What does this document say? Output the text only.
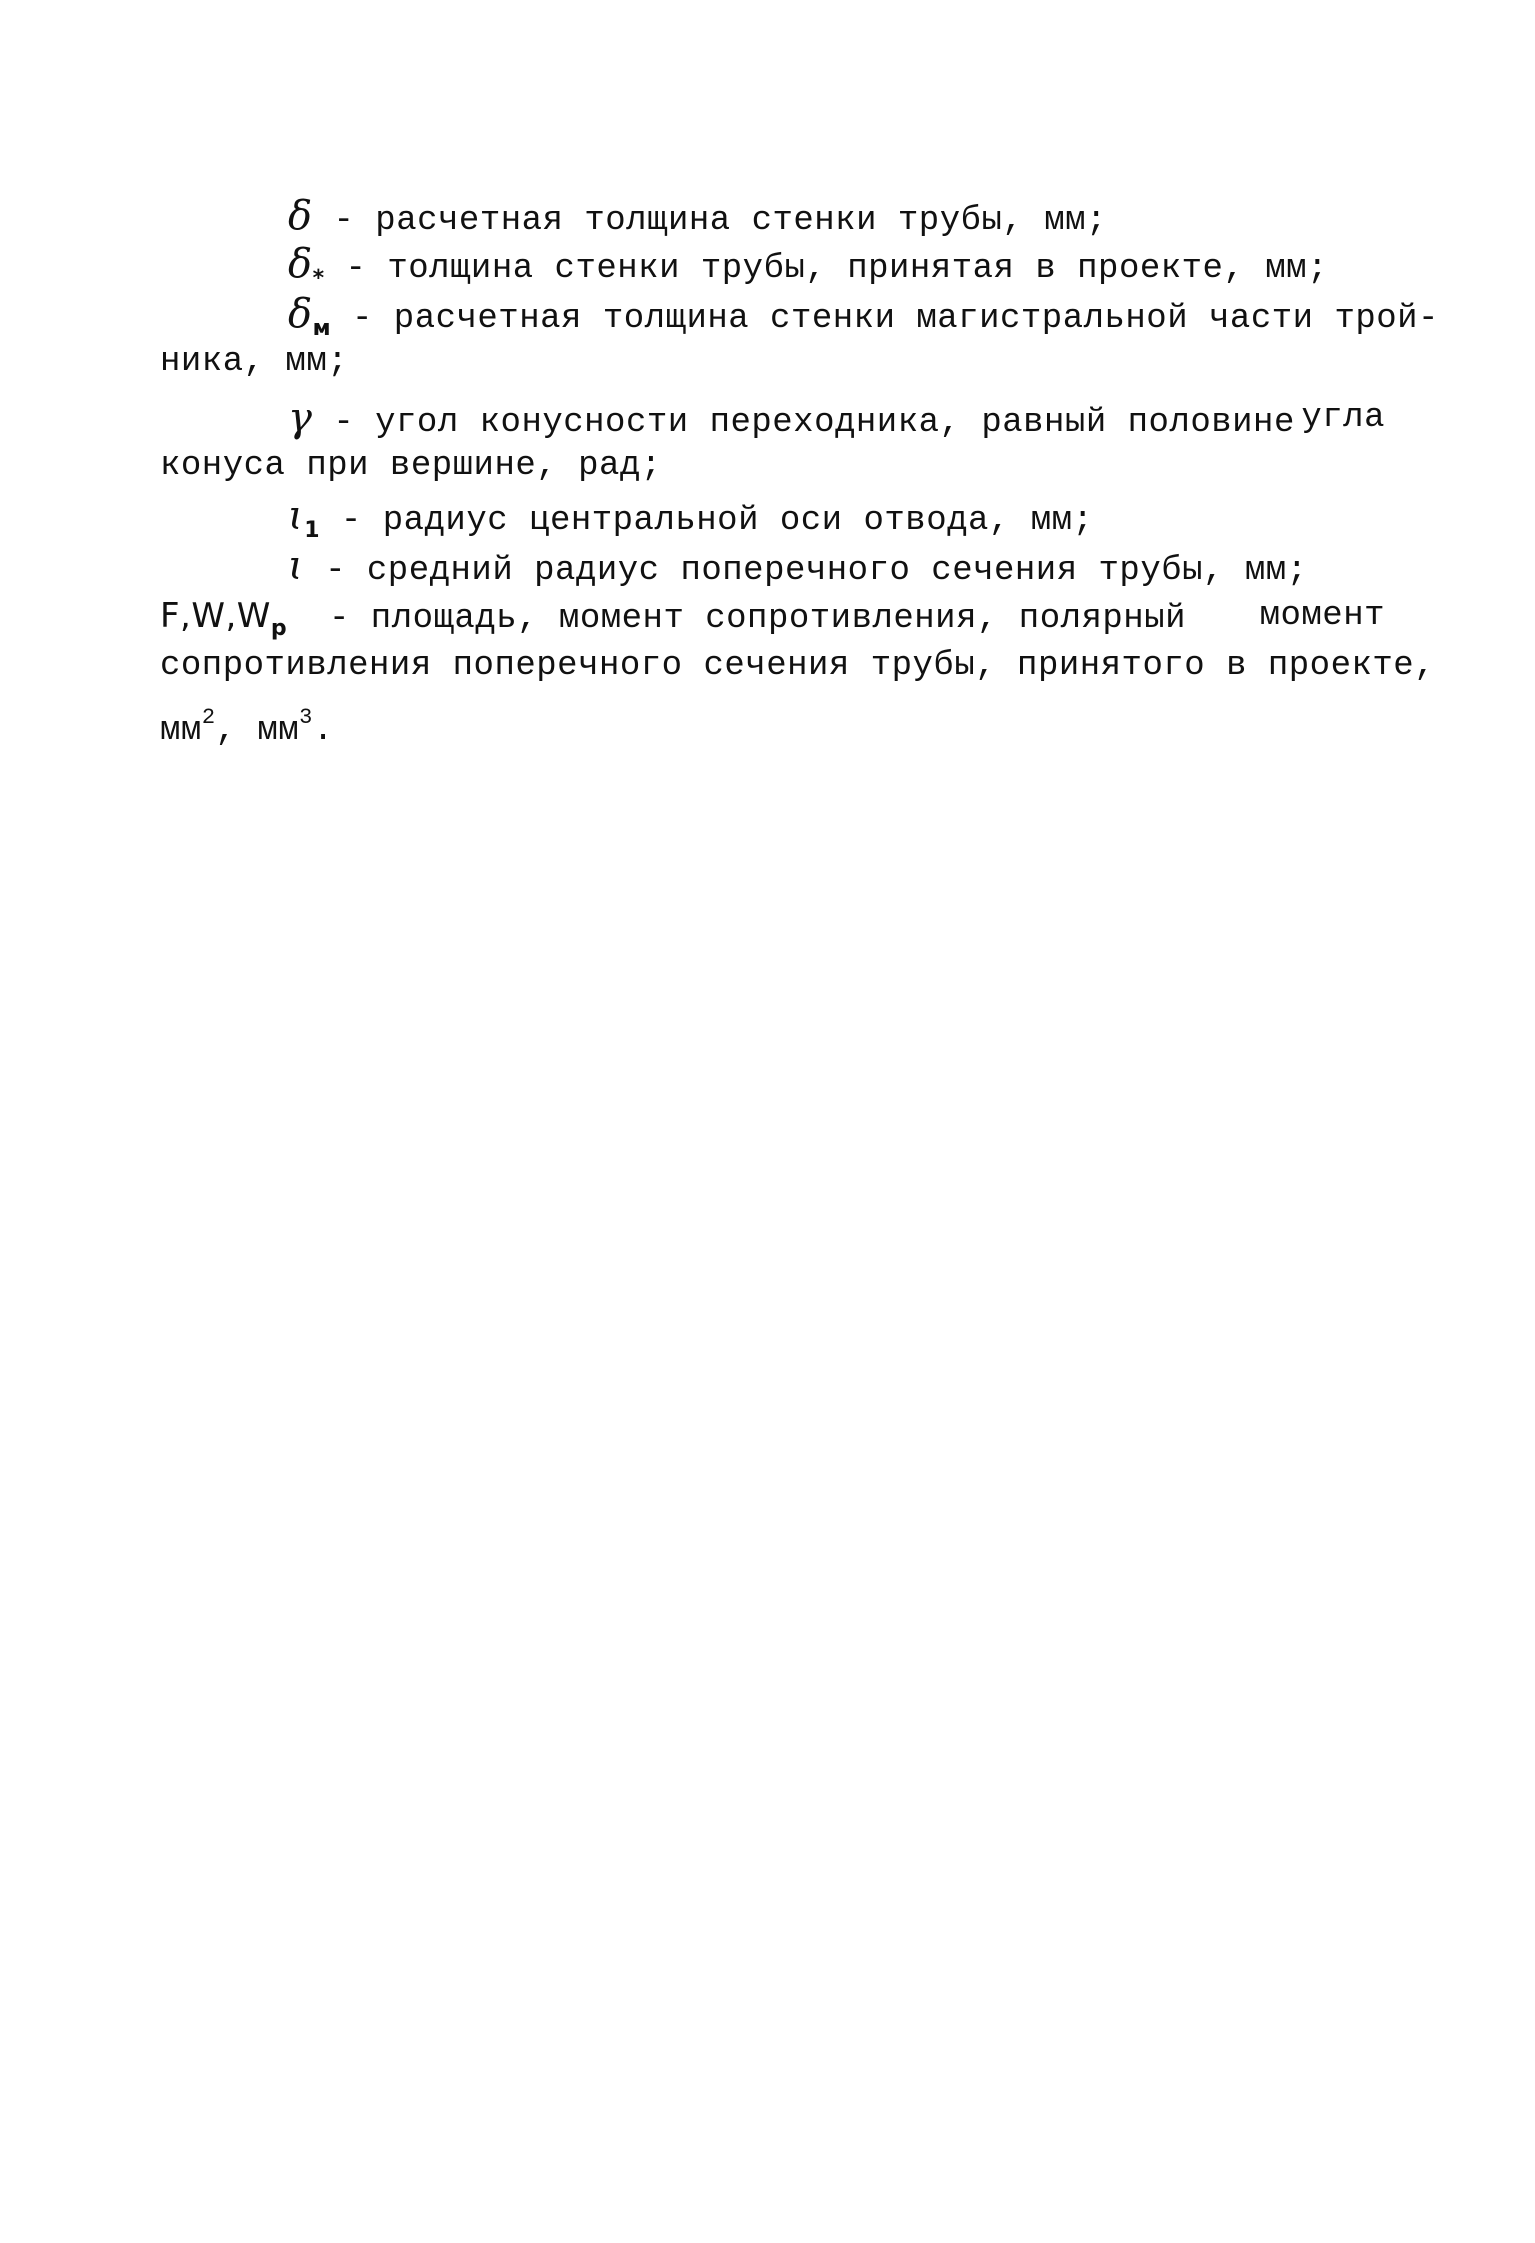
δ - расчетная толщина стенки трубы, мм;
$\delta_*$ - толщина стенки трубы, принятая в проекте, мм;
$\delta_м$ - расчетная толщина стенки магистральной части трой-
ника, мм;
γ - угол конусности переходника, равный половине угла
конуса при вершине, рад;
ɩ$_1$ - радиус центральной оси отвода, мм;
ɩ - средний радиус поперечного сечения трубы, мм;
$F,W,W_p$ - площадь, момент сопротивления, полярный момент
сопротивления поперечного сечения трубы, принятого в проекте,
$мм^2$, $мм^3$.
